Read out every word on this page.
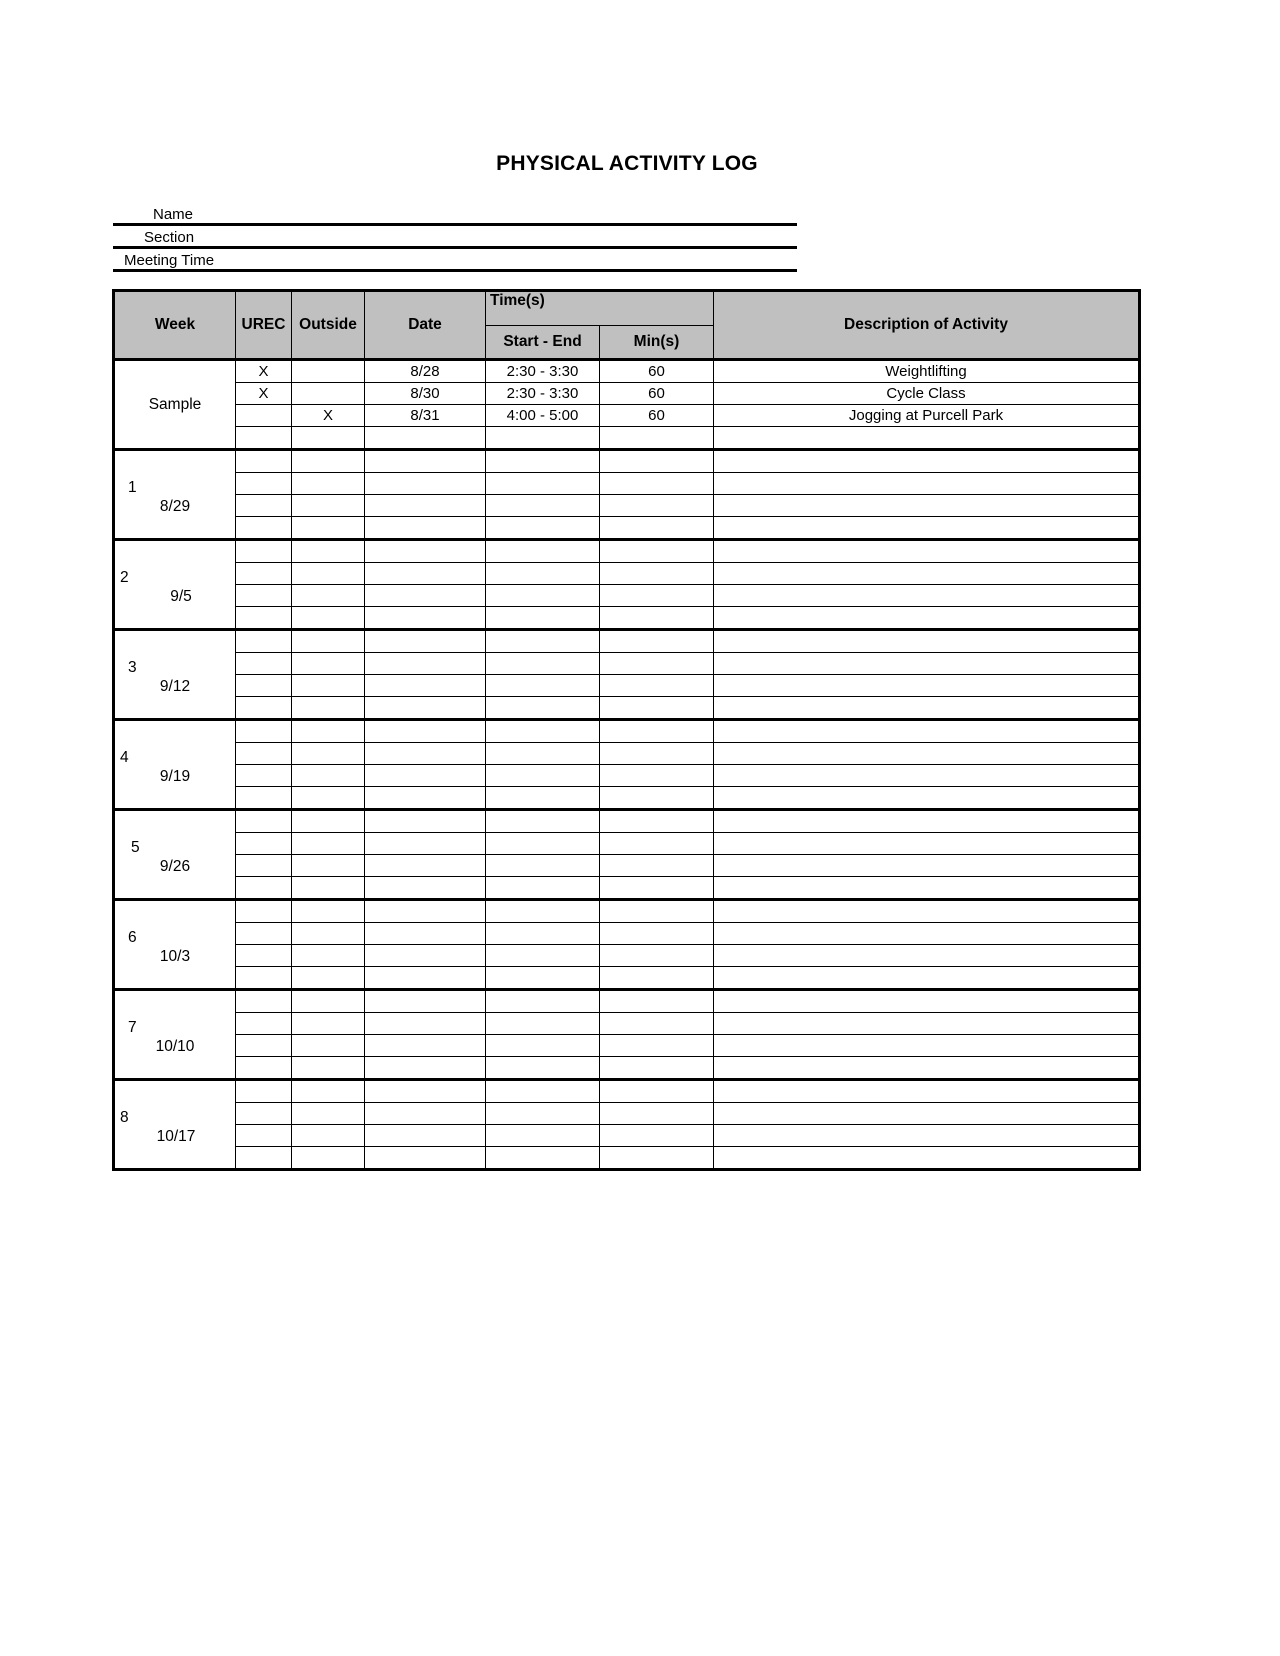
PHYSICAL ACTIVITY LOG
Name
Section
Meeting Time
Week	UREC	Outside	Date	Time(s)		Description of Activity
				Start - End	Min(s)	
Sample	X		8/28	2:30 - 3:30	60	Weightlifting
	X		8/30	2:30 - 3:30	60	Cycle Class
		X	8/31	4:00 - 5:00	60	Jogging at Purcell Park

1
8/29						

2
9/5						

3
9/12						

4
9/19						

5
9/26						

6
10/3						

7
10/10						

8
10/17						
